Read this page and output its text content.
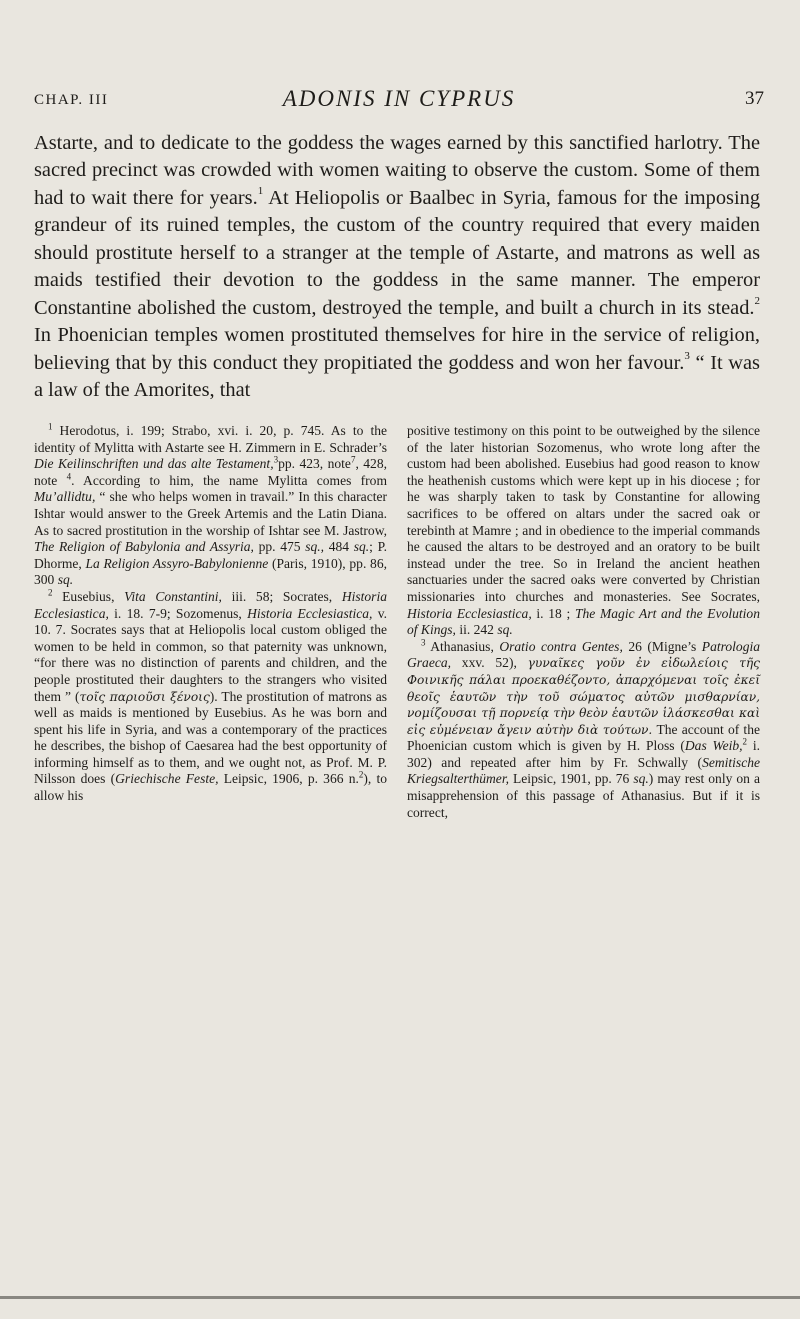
CHAP. III	ADONIS IN CYPRUS	37

Astarte, and to dedicate to the goddess the wages earned by this sanctified harlotry. The sacred precinct was crowded with women waiting to observe the custom. Some of them had to wait there for years.$^1$ At Heliopolis or Baalbec in Syria, famous for the imposing grandeur of its ruined temples, the custom of the country required that every maiden should prostitute herself to a stranger at the temple of Astarte, and matrons as well as maids testified their devotion to the goddess in the same manner. The emperor Constantine abolished the custom, destroyed the temple, and built a church in its stead.$^2$ In Phoenician temples women prostituted themselves for hire in the service of religion, believing that by this conduct they propitiated the goddess and won her favour.$^3$ “ It was a law of the Amorites, that

$^1$ Herodotus, i. 199; Strabo, xvi. i. 20, p. 745. As to the identity of Mylitta with Astarte see H. Zimmern in E. Schrader’s Die Keilinschriften und das alte Testament,$^3$pp. 423, note$^7$, 428, note $^4$. According to him, the name Mylitta comes from Mu’allidtu, “ she who helps women in travail.” In this character Ishtar would answer to the Greek Artemis and the Latin Diana. As to sacred prostitution in the worship of Ishtar see M. Jastrow, The Religion of Babylonia and Assyria, pp. 475 sq., 484 sq.; P. Dhorme, La Religion Assyro-Babylonienne (Paris, 1910), pp. 86, 300 sq.

$^2$ Eusebius, Vita Constantini, iii. 58; Socrates, Historia Ecclesiastica, i. 18. 7-9; Sozomenus, Historia Ecclesiastica, v. 10. 7. Socrates says that at Heliopolis local custom obliged the women to be held in common, so that paternity was unknown, “for there was no distinction of parents and children, and the people prostituted their daughters to the strangers who visited them ” (τοῖς παριοῦσι ξένοις). The prostitution of matrons as well as maids is mentioned by Eusebius. As he was born and spent his life in Syria, and was a contemporary of the practices he describes, the bishop of Caesarea had the best opportunity of informing himself as to them, and we ought not, as Prof. M. P. Nilsson does (Griechische Feste, Leipsic, 1906, p. 366 n.$^2$), to allow his

positive testimony on this point to be outweighed by the silence of the later historian Sozomenus, who wrote long after the custom had been abolished. Eusebius had good reason to know the heathenish customs which were kept up in his diocese ; for he was sharply taken to task by Constantine for allowing sacrifices to be offered on altars under the sacred oak or terebinth at Mamre ; and in obedience to the imperial commands he caused the altars to be destroyed and an oratory to be built instead under the tree. So in Ireland the ancient heathen sanctuaries under the sacred oaks were converted by Christian missionaries into churches and monasteries. See Socrates, Historia Ecclesiastica, i. 18 ; The Magic Art and the Evolution of Kings, ii. 242 sq.

$^3$ Athanasius, Oratio contra Gentes, 26 (Migne’s Patrologia Graeca, xxv. 52), γυναῖκες γοῦν ἐν εἰδωλείοις τῆς Φοινικῆς πάλαι προεκαθέζοντο, ἀπαρχόμεναι τοῖς ἐκεῖ θεοῖς ἑαυτῶν τὴν τοῦ σώματος αὐτῶν μισθαρνίαν, νομίζουσαι τῇ πορνείᾳ τὴν θεὸν ἑαυτῶν ἱλάσκεσθαι καὶ εἰς εὐμένειαν ἄγειν αὐτὴν διὰ τούτων. The account of the Phoenician custom which is given by H. Ploss (Das Weib,$^2$ i. 302) and repeated after him by Fr. Schwally (Semitische Kriegsalterthümer, Leipsic, 1901, pp. 76 sq.) may rest only on a misapprehension of this passage of Athanasius. But if it is correct,
